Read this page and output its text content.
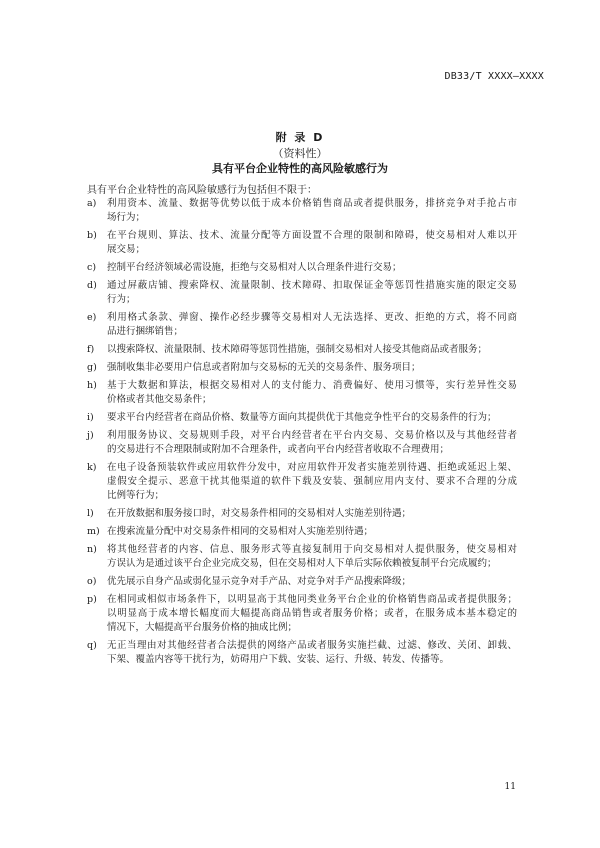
DB33/T XXXX—XXXX
附 录 D
（资料性）
具有平台企业特性的高风险敏感行为
具有平台企业特性的高风险敏感行为包括但不限于：
a)	利用资本、流量、数据等优势以低于成本价格销售商品或者提供服务，排挤竞争对手抢占市
场行为；
b)	在平台规则、算法、技术、流量分配等方面设置不合理的限制和障碍，使交易相对人难以开
展交易；
c)	控制平台经济领域必需设施，拒绝与交易相对人以合理条件进行交易；
d)	通过屏蔽店铺、搜索降权、流量限制、技术障碍、扣取保证金等惩罚性措施实施的限定交易
行为；
e)	利用格式条款、弹窗、操作必经步骤等交易相对人无法选择、更改、拒绝的方式，将不同商
品进行捆绑销售；
f)	以搜索降权、流量限制、技术障碍等惩罚性措施，强制交易相对人接受其他商品或者服务；
g)	强制收集非必要用户信息或者附加与交易标的无关的交易条件、服务项目；
h)	基于大数据和算法，根据交易相对人的支付能力、消费偏好、使用习惯等，实行差异性交易
价格或者其他交易条件；
i)	要求平台内经营者在商品价格、数量等方面向其提供优于其他竞争性平台的交易条件的行为；
j)	利用服务协议、交易规则手段，对平台内经营者在平台内交易、交易价格以及与其他经营者
的交易进行不合理限制或附加不合理条件，或者向平台内经营者收取不合理费用；
k)	在电子设备预装软件或应用软件分发中，对应用软件开发者实施差别待遇、拒绝或延迟上架、
虚假安全提示、恶意干扰其他渠道的软件下载及安装、强制应用内支付、要求不合理的分成
比例等行为；
l)	在开放数据和服务接口时，对交易条件相同的交易相对人实施差别待遇；
m) 在搜索流量分配中对交易条件相同的交易相对人实施差别待遇；
n)	将其他经营者的内容、信息、服务形式等直接复制用于向交易相对人提供服务，使交易相对
方误认为是通过该平台企业完成交易，但在交易相对人下单后实际依赖被复制平台完成履约；
o)	优先展示自身产品或弱化显示竞争对手产品、对竞争对手产品搜索降级；
p)	在相同或相似市场条件下，以明显高于其他同类业务平台企业的价格销售商品或者提供服务；
以明显高于成本增长幅度而大幅提高商品销售或者服务价格；或者，在服务成本基本稳定的
情况下，大幅提高平台服务价格的抽成比例；
q)	无正当理由对其他经营者合法提供的网络产品或者服务实施拦截、过滤、修改、关闭、卸载、
下架、覆盖内容等干扰行为，妨碍用户下载、安装、运行、升级、转发、传播等。
11
